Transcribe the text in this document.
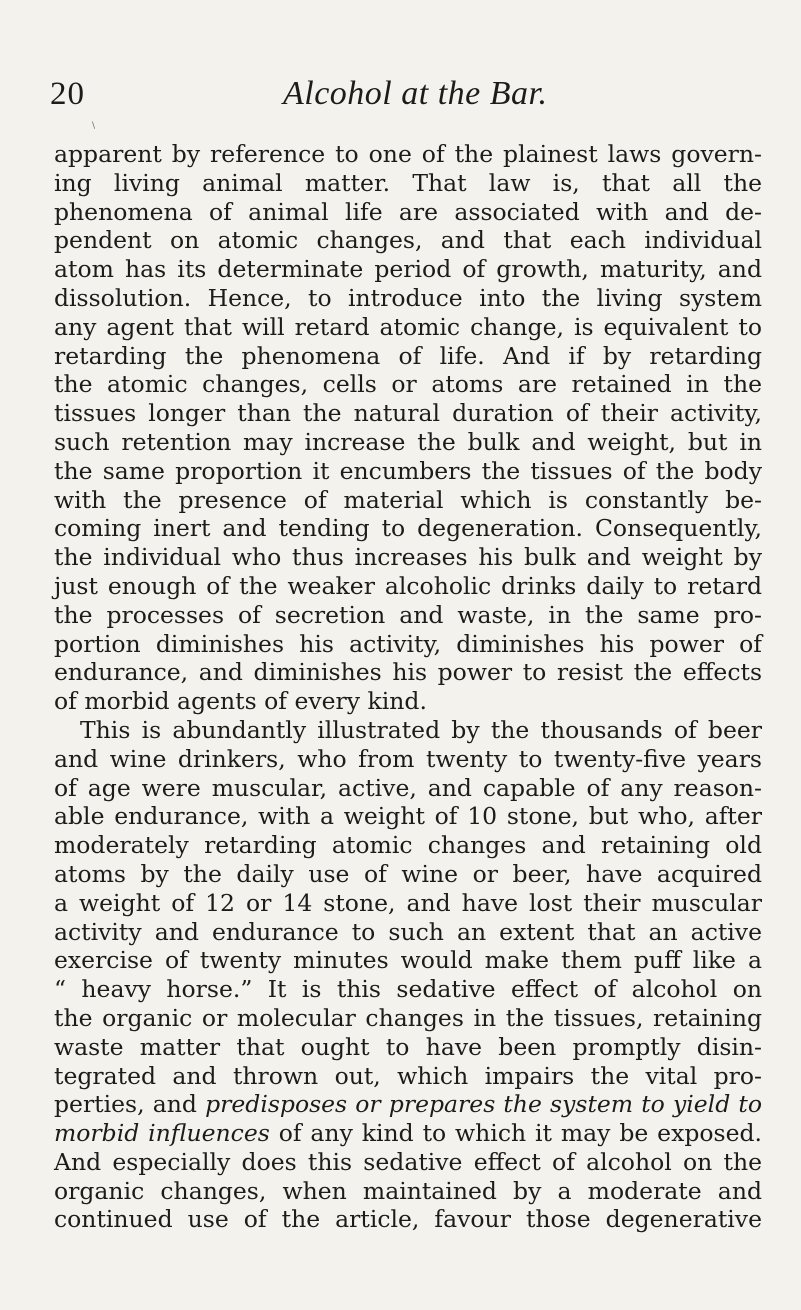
20	Alcohol at the Bar.
\
apparent by reference to one of the plainest laws govern-
ing living animal matter. That law is, that all the
phenomena of animal life are associated with and de-
pendent on atomic changes, and that each individual
atom has its determinate period of growth, maturity, and
dissolution. Hence, to introduce into the living system
any agent that will retard atomic change, is equivalent to
retarding the phenomena of life. And if by retarding
the atomic changes, cells or atoms are retained in the
tissues longer than the natural duration of their activity,
such retention may increase the bulk and weight, but in
the same proportion it encumbers the tissues of the body
with the presence of material which is constantly be-
coming inert and tending to degeneration. Consequently,
the individual who thus increases his bulk and weight by
just enough of the weaker alcoholic drinks daily to retard
the processes of secretion and waste, in the same pro-
portion diminishes his activity, diminishes his power of
endurance, and diminishes his power to resist the effects
of morbid agents of every kind.
This is abundantly illustrated by the thousands of beer
and wine drinkers, who from twenty to twenty-five years
of age were muscular, active, and capable of any reason-
able endurance, with a weight of 10 stone, but who, after
moderately retarding atomic changes and retaining old
atoms by the daily use of wine or beer, have acquired
a weight of 12 or 14 stone, and have lost their muscular
activity and endurance to such an extent that an active
exercise of twenty minutes would make them puff like a
“ heavy horse.” It is this sedative effect of alcohol on
the organic or molecular changes in the tissues, retaining
waste matter that ought to have been promptly disin-
tegrated and thrown out, which impairs the vital pro-
perties, and predisposes or prepares the system to yield to
morbid influences of any kind to which it may be exposed.
And especially does this sedative effect of alcohol on the
organic changes, when maintained by a moderate and
continued use of the article, favour those degenerative
